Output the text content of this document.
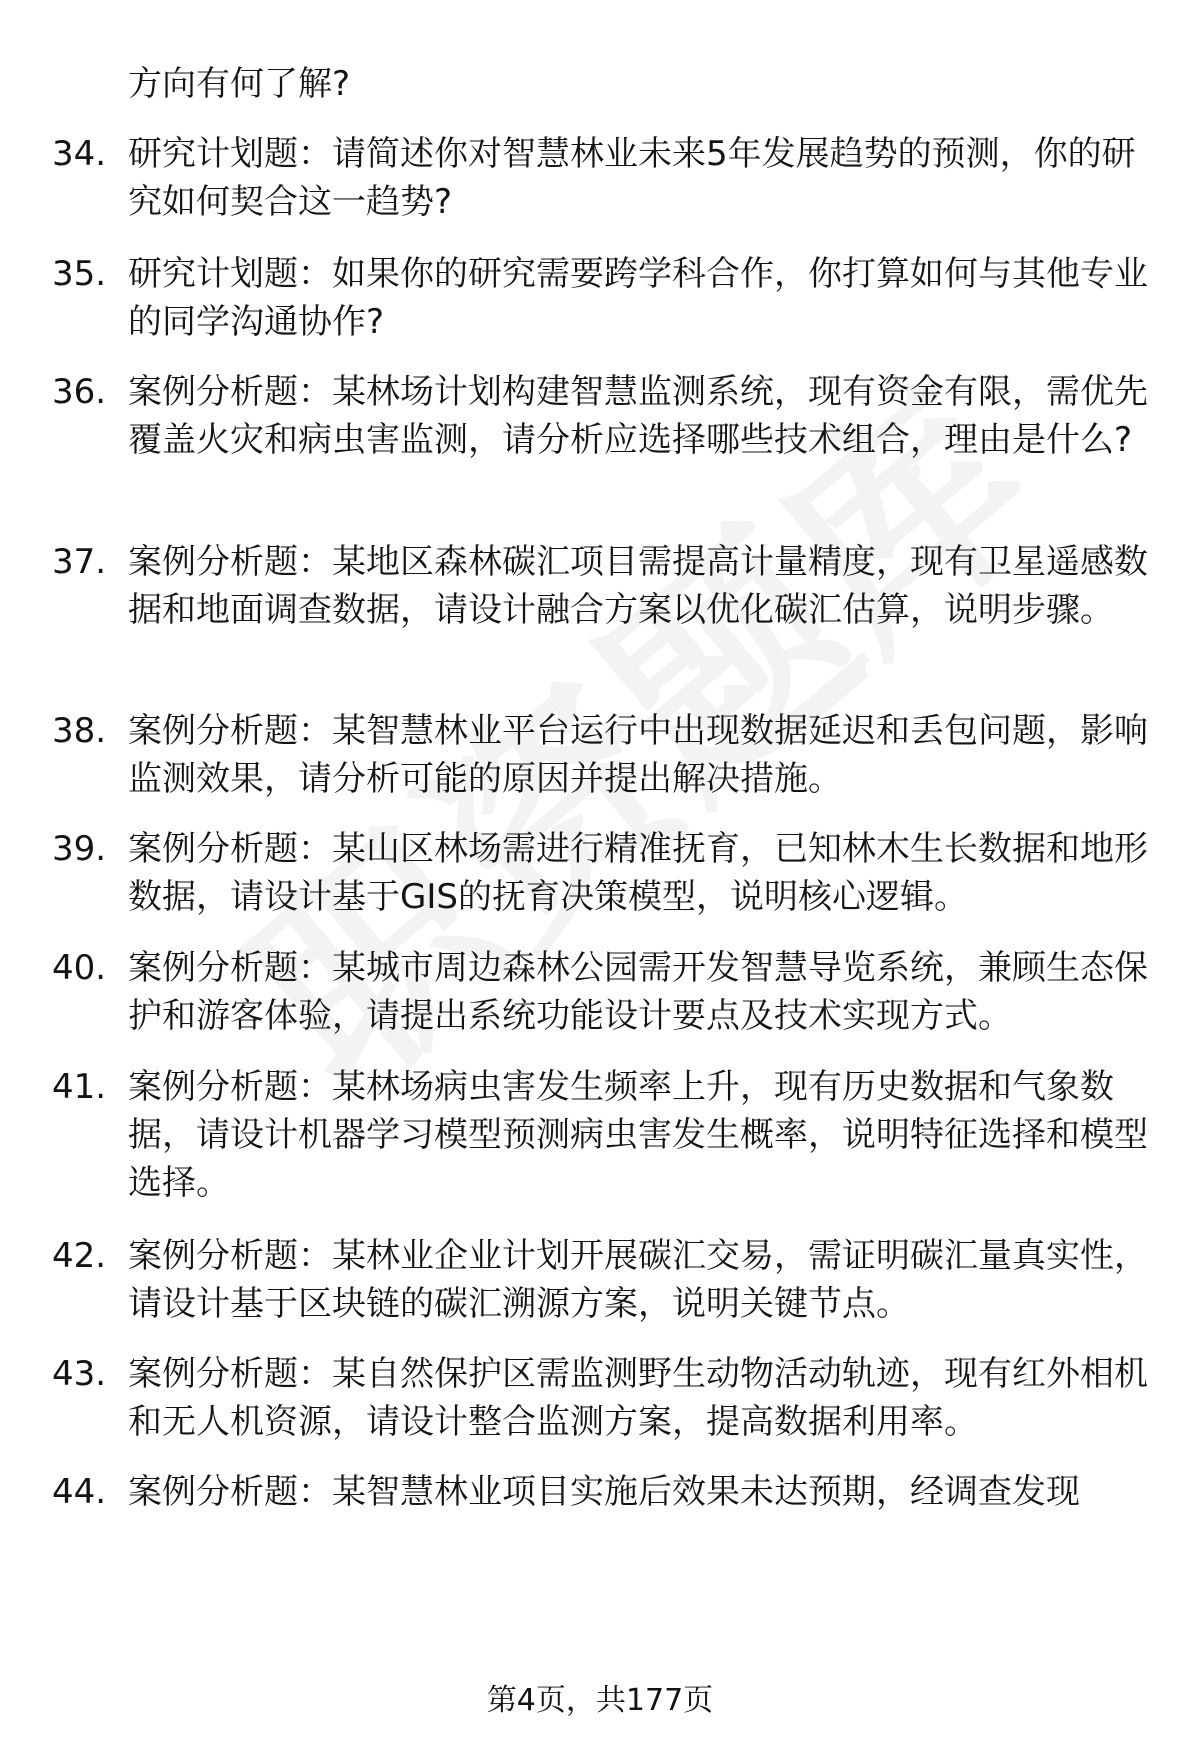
方向有何了解?
34. 研究计划题：请简述你对智慧林业未来5年发展趋势的预测，你的研究如何契合这一趋势?
35. 研究计划题：如果你的研究需要跨学科合作，你打算如何与其他专业的同学沟通协作?
36. 案例分析题：某林场计划构建智慧监测系统，现有资金有限，需优先覆盖火灾和病虫害监测，请分析应选择哪些技术组合，理由是什么?
37. 案例分析题：某地区森林碳汇项目需提高计量精度，现有卫星遥感数据和地面调查数据，请设计融合方案以优化碳汇估算，说明步骤。
38. 案例分析题：某智慧林业平台运行中出现数据延迟和丢包问题，影响监测效果，请分析可能的原因并提出解决措施。
39. 案例分析题：某山区林场需进行精准抚育，已知林木生长数据和地形数据，请设计基于GIS的抚育决策模型，说明核心逻辑。
40. 案例分析题：某城市周边森林公园需开发智慧导览系统，兼顾生态保护和游客体验，请提出系统功能设计要点及技术实现方式。
41. 案例分析题：某林场病虫害发生频率上升，现有历史数据和气象数据，请设计机器学习模型预测病虫害发生概率，说明特征选择和模型选择。
42. 案例分析题：某林业企业计划开展碳汇交易，需证明碳汇量真实性，请设计基于区块链的碳汇溯源方案，说明关键节点。
43. 案例分析题：某自然保护区需监测野生动物活动轨迹，现有红外相机和无人机资源，请设计整合监测方案，提高数据利用率。
44. 案例分析题：某智慧林业项目实施后效果未达预期，经调查发现
第4页，共177页
